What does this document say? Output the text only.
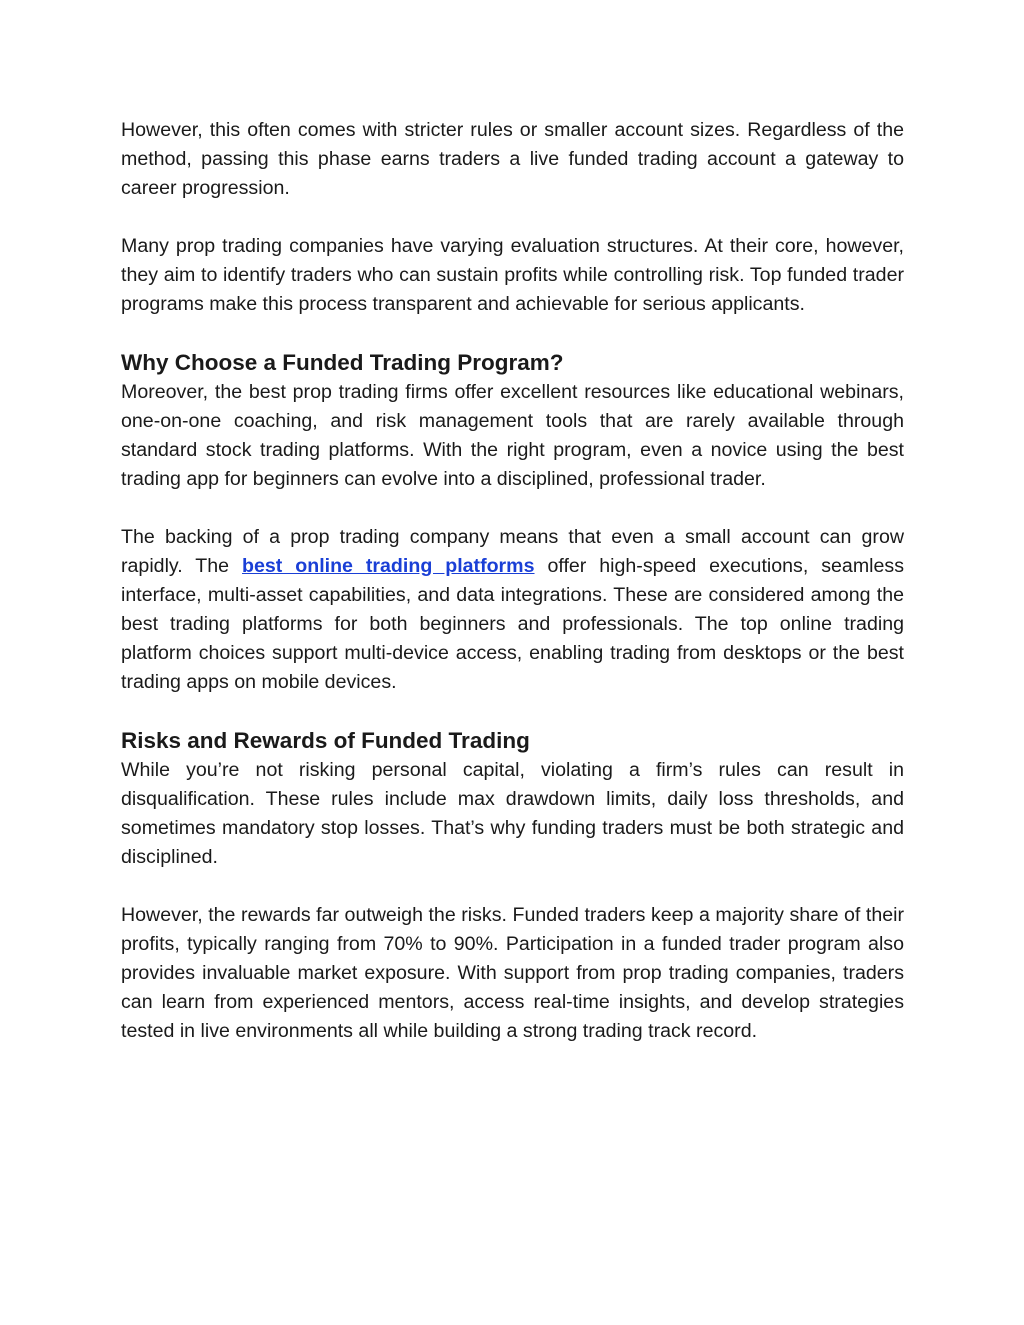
However, this often comes with stricter rules or smaller account sizes. Regardless of the method, passing this phase earns traders a live funded trading account a gateway to career progression.

Many prop trading companies have varying evaluation structures. At their core, however, they aim to identify traders who can sustain profits while controlling risk. Top funded trader programs make this process transparent and achievable for serious applicants.

Why Choose a Funded Trading Program?

Moreover, the best prop trading firms offer excellent resources like educational webinars, one-on-one coaching, and risk management tools that are rarely available through standard stock trading platforms. With the right program, even a novice using the best trading app for beginners can evolve into a disciplined, professional trader.

The backing of a prop trading company means that even a small account can grow rapidly. The best online trading platforms offer high-speed executions, seamless interface, multi-asset capabilities, and data integrations. These are considered among the best trading platforms for both beginners and professionals. The top online trading platform choices support multi-device access, enabling trading from desktops or the best trading apps on mobile devices.

Risks and Rewards of Funded Trading

While you’re not risking personal capital, violating a firm’s rules can result in disqualification. These rules include max drawdown limits, daily loss thresholds, and sometimes mandatory stop losses. That’s why funding traders must be both strategic and disciplined.

However, the rewards far outweigh the risks. Funded traders keep a majority share of their profits, typically ranging from 70% to 90%. Participation in a funded trader program also provides invaluable market exposure. With support from prop trading companies, traders can learn from experienced mentors, access real-time insights, and develop strategies tested in live environments all while building a strong trading track record.
